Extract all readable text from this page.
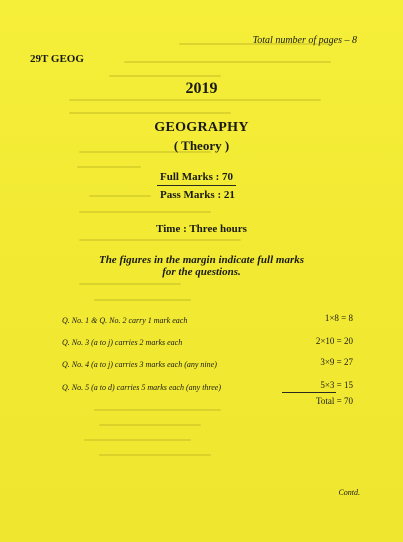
29T GEOG
Total number of pages – 8
2019
GEOGRAPHY
( Theory )
Full Marks : 70
Pass Marks : 21
Time : Three hours
The figures in the margin indicate full marks for the questions.
Q. No. 1 & Q. No. 2 carry 1 mark each	1×8 = 8
Q. No. 3 (a to j) carries 2 marks each	2×10 = 20
Q. No. 4 (a to j) carries 3 marks each (any nine)	3×9 = 27
Q. No. 5 (a to d) carries 5 marks each (any three)	5×3 = 15
Total = 70
Contd.
